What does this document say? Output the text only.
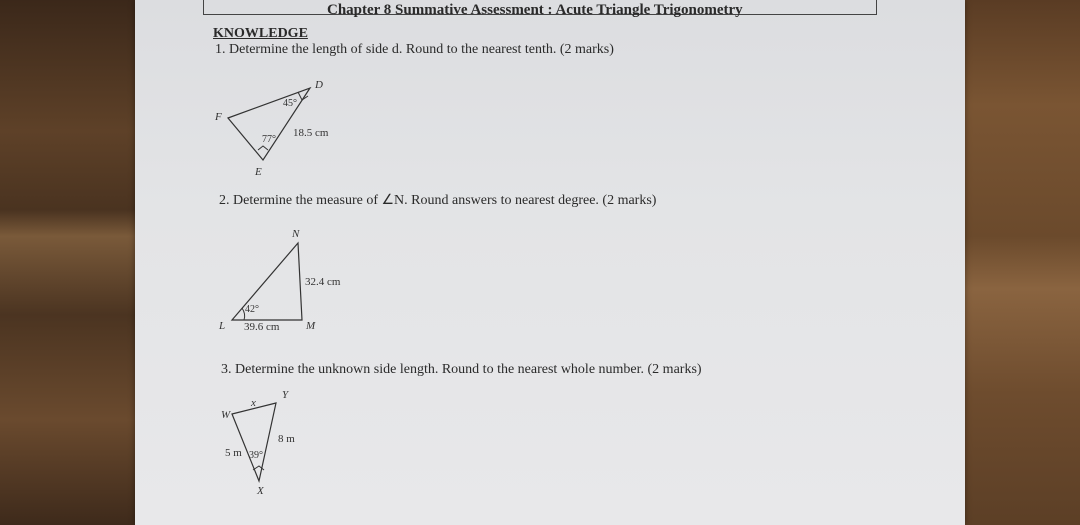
Chapter 8 Summative Assessment : Acute Triangle Trigonometry
KNOWLEDGE
1. Determine the length of side d. Round to the nearest tenth. (2 marks)
2. Determine the measure of ∠N. Round answers to nearest degree. (2 marks)
3. Determine the unknown side length. Round to the nearest whole number. (2 marks)
D
F
E
45°
77°
18.5 cm
N
L	M
42°
39.6 cm
32.4 cm
W
Y
X
x
8 m
5 m 39°
